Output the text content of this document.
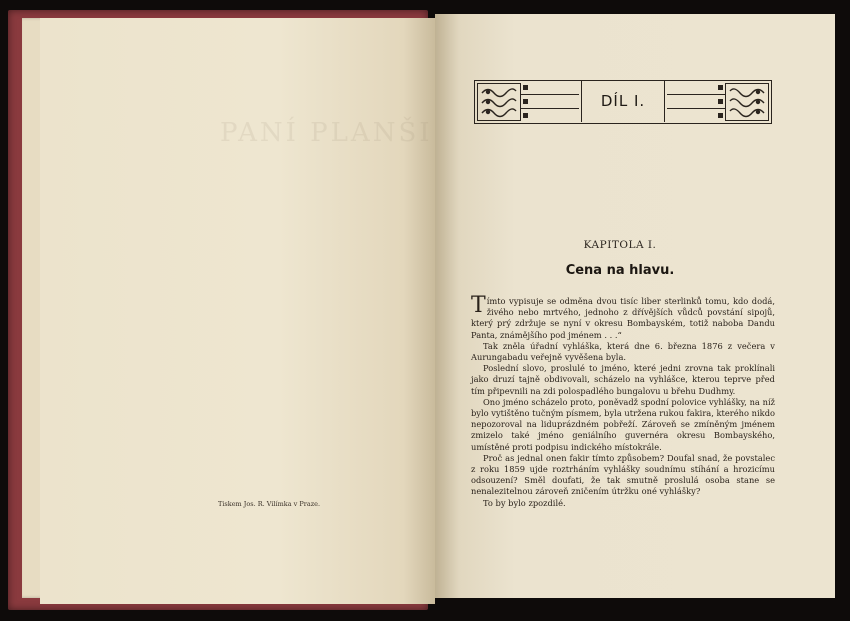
PANÍ PLANŠI
Tiskem Jos. R. Vilímka v Praze.
DÍL I.
KAPITOLA I.
Cena na hlavu.

Tímto vypisuje se odměna dvou tisíc liber sterlinků tomu, kdo dodá, živého nebo mrtvého, jednoho z dřívějších vůdců povstání sipojů, který prý zdržuje se nyní v okresu Bombayském, totiž naboba Dandu Panta, známějšího pod jménem . . .“

Tak zněla úřadní vyhláška, která dne 6. března 1876 z večera v Aurungabadu veřejně vyvěšena byla.

Poslední slovo, proslulé to jméno, které jedni zrovna tak proklínali jako druzí tajně obdivovali, scházelo na vyhlášce, kterou teprve před tím připevnili na zdi polospadlého bungalovu u břehu Dudhmy.

Ono jméno scházelo proto, poněvadž spodní polovice vyhlášky, na níž bylo vytištěno tučným písmem, byla utržena rukou fakira, kterého nikdo nepozoroval na liduprázdném pobřeží. Zároveň se zmíněným jménem zmizelo také jméno geniálního guvernéra okresu Bombayského, umístěné proti podpisu indického místokrále.

Proč as jednal onen fakir tímto způsobem? Doufal snad, že povstalec z roku 1859 ujde roztrháním vyhlášky soudnímu stíhání a hrozicímu odsouzení? Směl doufati, že tak smutně proslulá osoba stane se nenalezitelnou zároveň zničením útržku oné vyhlášky?

To by bylo zpozdilé.
